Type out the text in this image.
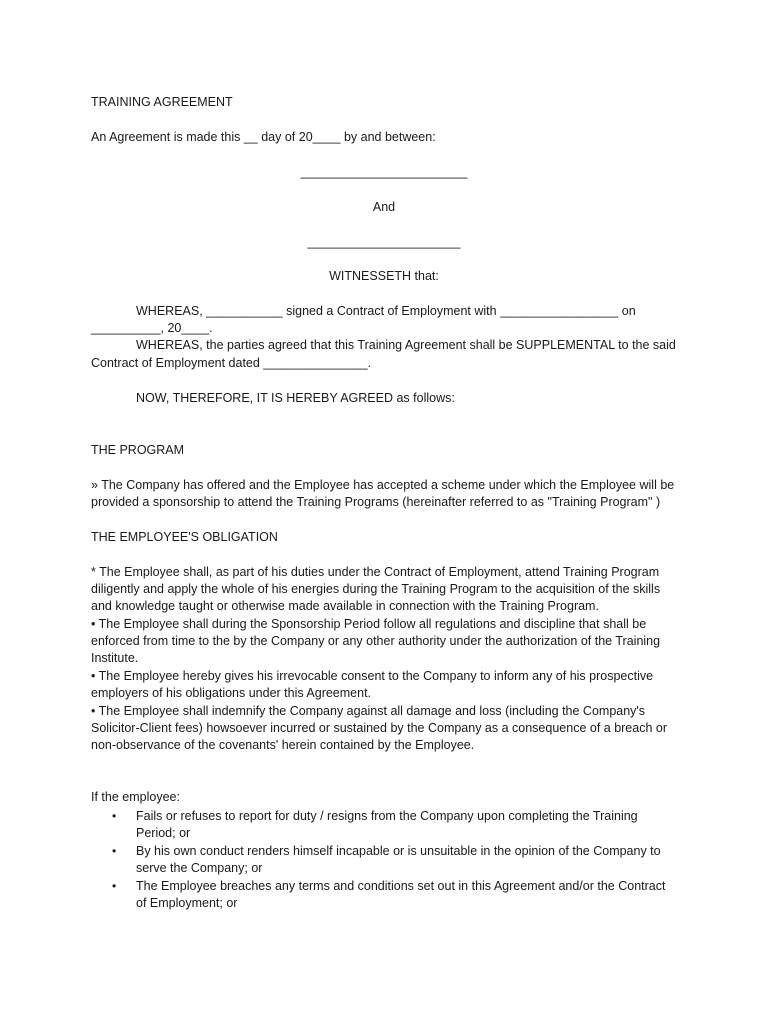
TRAINING AGREEMENT
An Agreement is made this __ day of 20____ by and between:
________________________
And
______________________
WITNESSETH that:
WHEREAS, ___________ signed a Contract of Employment with _________________ on
__________, 20____.
WHEREAS, the parties agreed that this Training Agreement shall be SUPPLEMENTAL to the said
Contract of Employment dated _______________.
NOW, THEREFORE, IT IS HEREBY AGREED as follows:
THE PROGRAM
» The Company has offered and the Employee has accepted a scheme under which the Employee will be
provided a sponsorship to attend the Training Programs (hereinafter referred to as "Training Program" )
THE EMPLOYEE'S OBLIGATION
* The Employee shall, as part of his duties under the Contract of Employment, attend Training Program
diligently and apply the whole of his energies during the Training Program to the acquisition of the skills
and knowledge taught or otherwise made available in connection with the Training Program.
• The Employee shall during the Sponsorship Period follow all regulations and discipline that shall be
enforced from time to the by the Company or any other authority under the authorization of the Training
Institute.
• The Employee hereby gives his irrevocable consent to the Company to inform any of his prospective
employers of his obligations under this Agreement.
• The Employee shall indemnify the Company against all damage and loss (including the Company's
Solicitor-Client fees) howsoever incurred or sustained by the Company as a consequence of a breach or
non-observance of the covenants' herein contained by the Employee.
If the employee:
• Fails or refuses to report for duty / resigns from the Company upon completing the Training
Period; or
• By his own conduct renders himself incapable or is unsuitable in the opinion of the Company to
serve the Company; or
• The Employee breaches any terms and conditions set out in this Agreement and/or the Contract
of Employment; or
